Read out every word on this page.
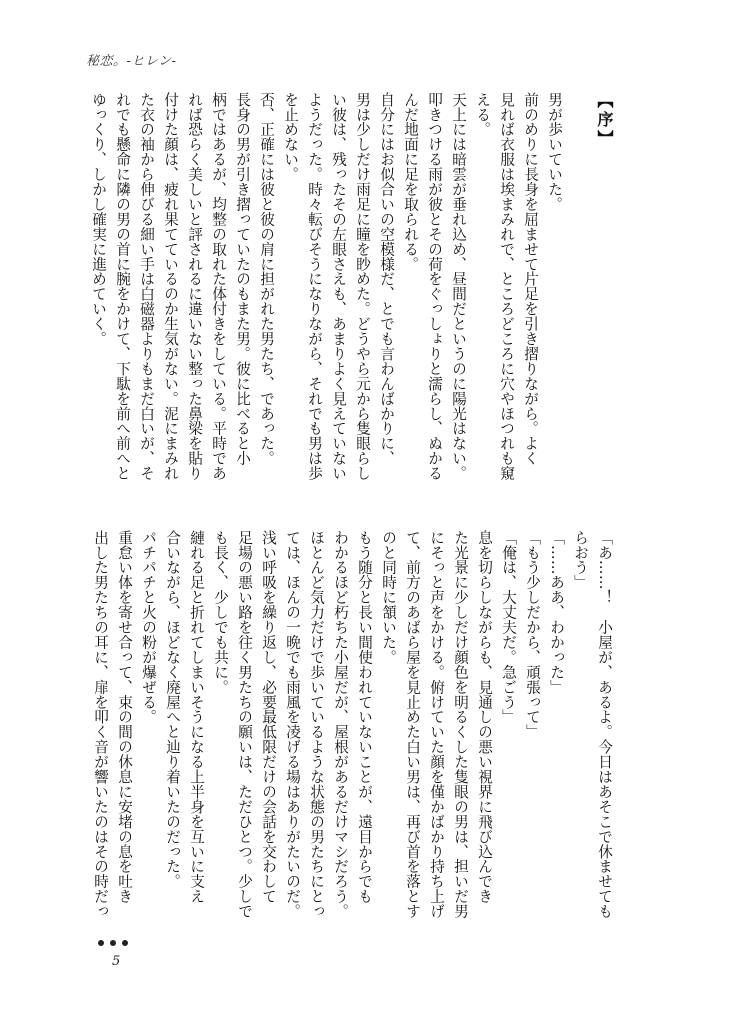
秘恋。-ヒレン-
【序】
男が歩いていた。
前のめりに長身を屈ませて片足を引き摺りながら。よく
見れば衣服は埃まみれで、ところどころに穴やほつれも窺
える。
天上には暗雲が垂れ込め、昼間だというのに陽光はない。
叩きつける雨が彼とその荷をぐっしょりと濡らし、ぬかる
んだ地面に足を取られる。
自分にはお似合いの空模様だ、とでも言わんばかりに、
男は少しだけ雨足に瞳を眇めた。どうやら元から隻眼らし
い彼は、残ったその左眼さえも、あまりよく見えていない
ようだった。時々転びそうになりながら、それでも男は歩
を止めない。
否、正確には彼と彼の肩に担がれた男たち、であった。
長身の男が引き摺っていたのもまた男。彼に比べると小
柄ではあるが、均整の取れた体付きをしている。平時であ
れば恐らく美しいと評されるに違いない整った鼻梁を貼り
付けた顔は、疲れ果てているのか生気がない。泥にまみれ
た衣の袖から伸びる細い手は白磁器よりもまだ白いが、そ
れでも懸命に隣の男の首に腕をかけて、下駄を前へ前へと
ゆっくり、しかし確実に進めていく。
「あ……！　小屋が、あるよ。今日はあそこで休ませても
らおう」
「……ああ、わかった」
「もう少しだから、頑張って」
「俺は、大丈夫だ。急ごう」
息を切らしながらも、見通しの悪い視界に飛び込んでき
た光景に少しだけ顔色を明るくした隻眼の男は、担いだ男
にそっと声をかける。俯けていた顔を僅かばかり持ち上げ
て、前方のあばら屋を見止めた白い男は、再び首を落とす
のと同時に頷いた。
もう随分と長い間使われていないことが、遠目からでも
わかるほど朽ちた小屋だが、屋根があるだけマシだろう。
ほとんど気力だけで歩いているような状態の男たちにとっ
ては、ほんの一晩でも雨風を凌げる場はありがたいのだ。
浅い呼吸を繰り返し、必要最低限だけの会話を交わして
足場の悪い路を往く男たちの願いは、ただひとつ。少しで
も長く、少しでも共に。
縺れる足と折れてしまいそうになる上半身を互いに支え
合いながら、ほどなく廃屋へと辿り着いたのだった。
パチパチと火の粉が爆ぜる。
重怠い体を寄せ合って、束の間の休息に安堵の息を吐き
出した男たちの耳に、扉を叩く音が響いたのはその時だっ
5
